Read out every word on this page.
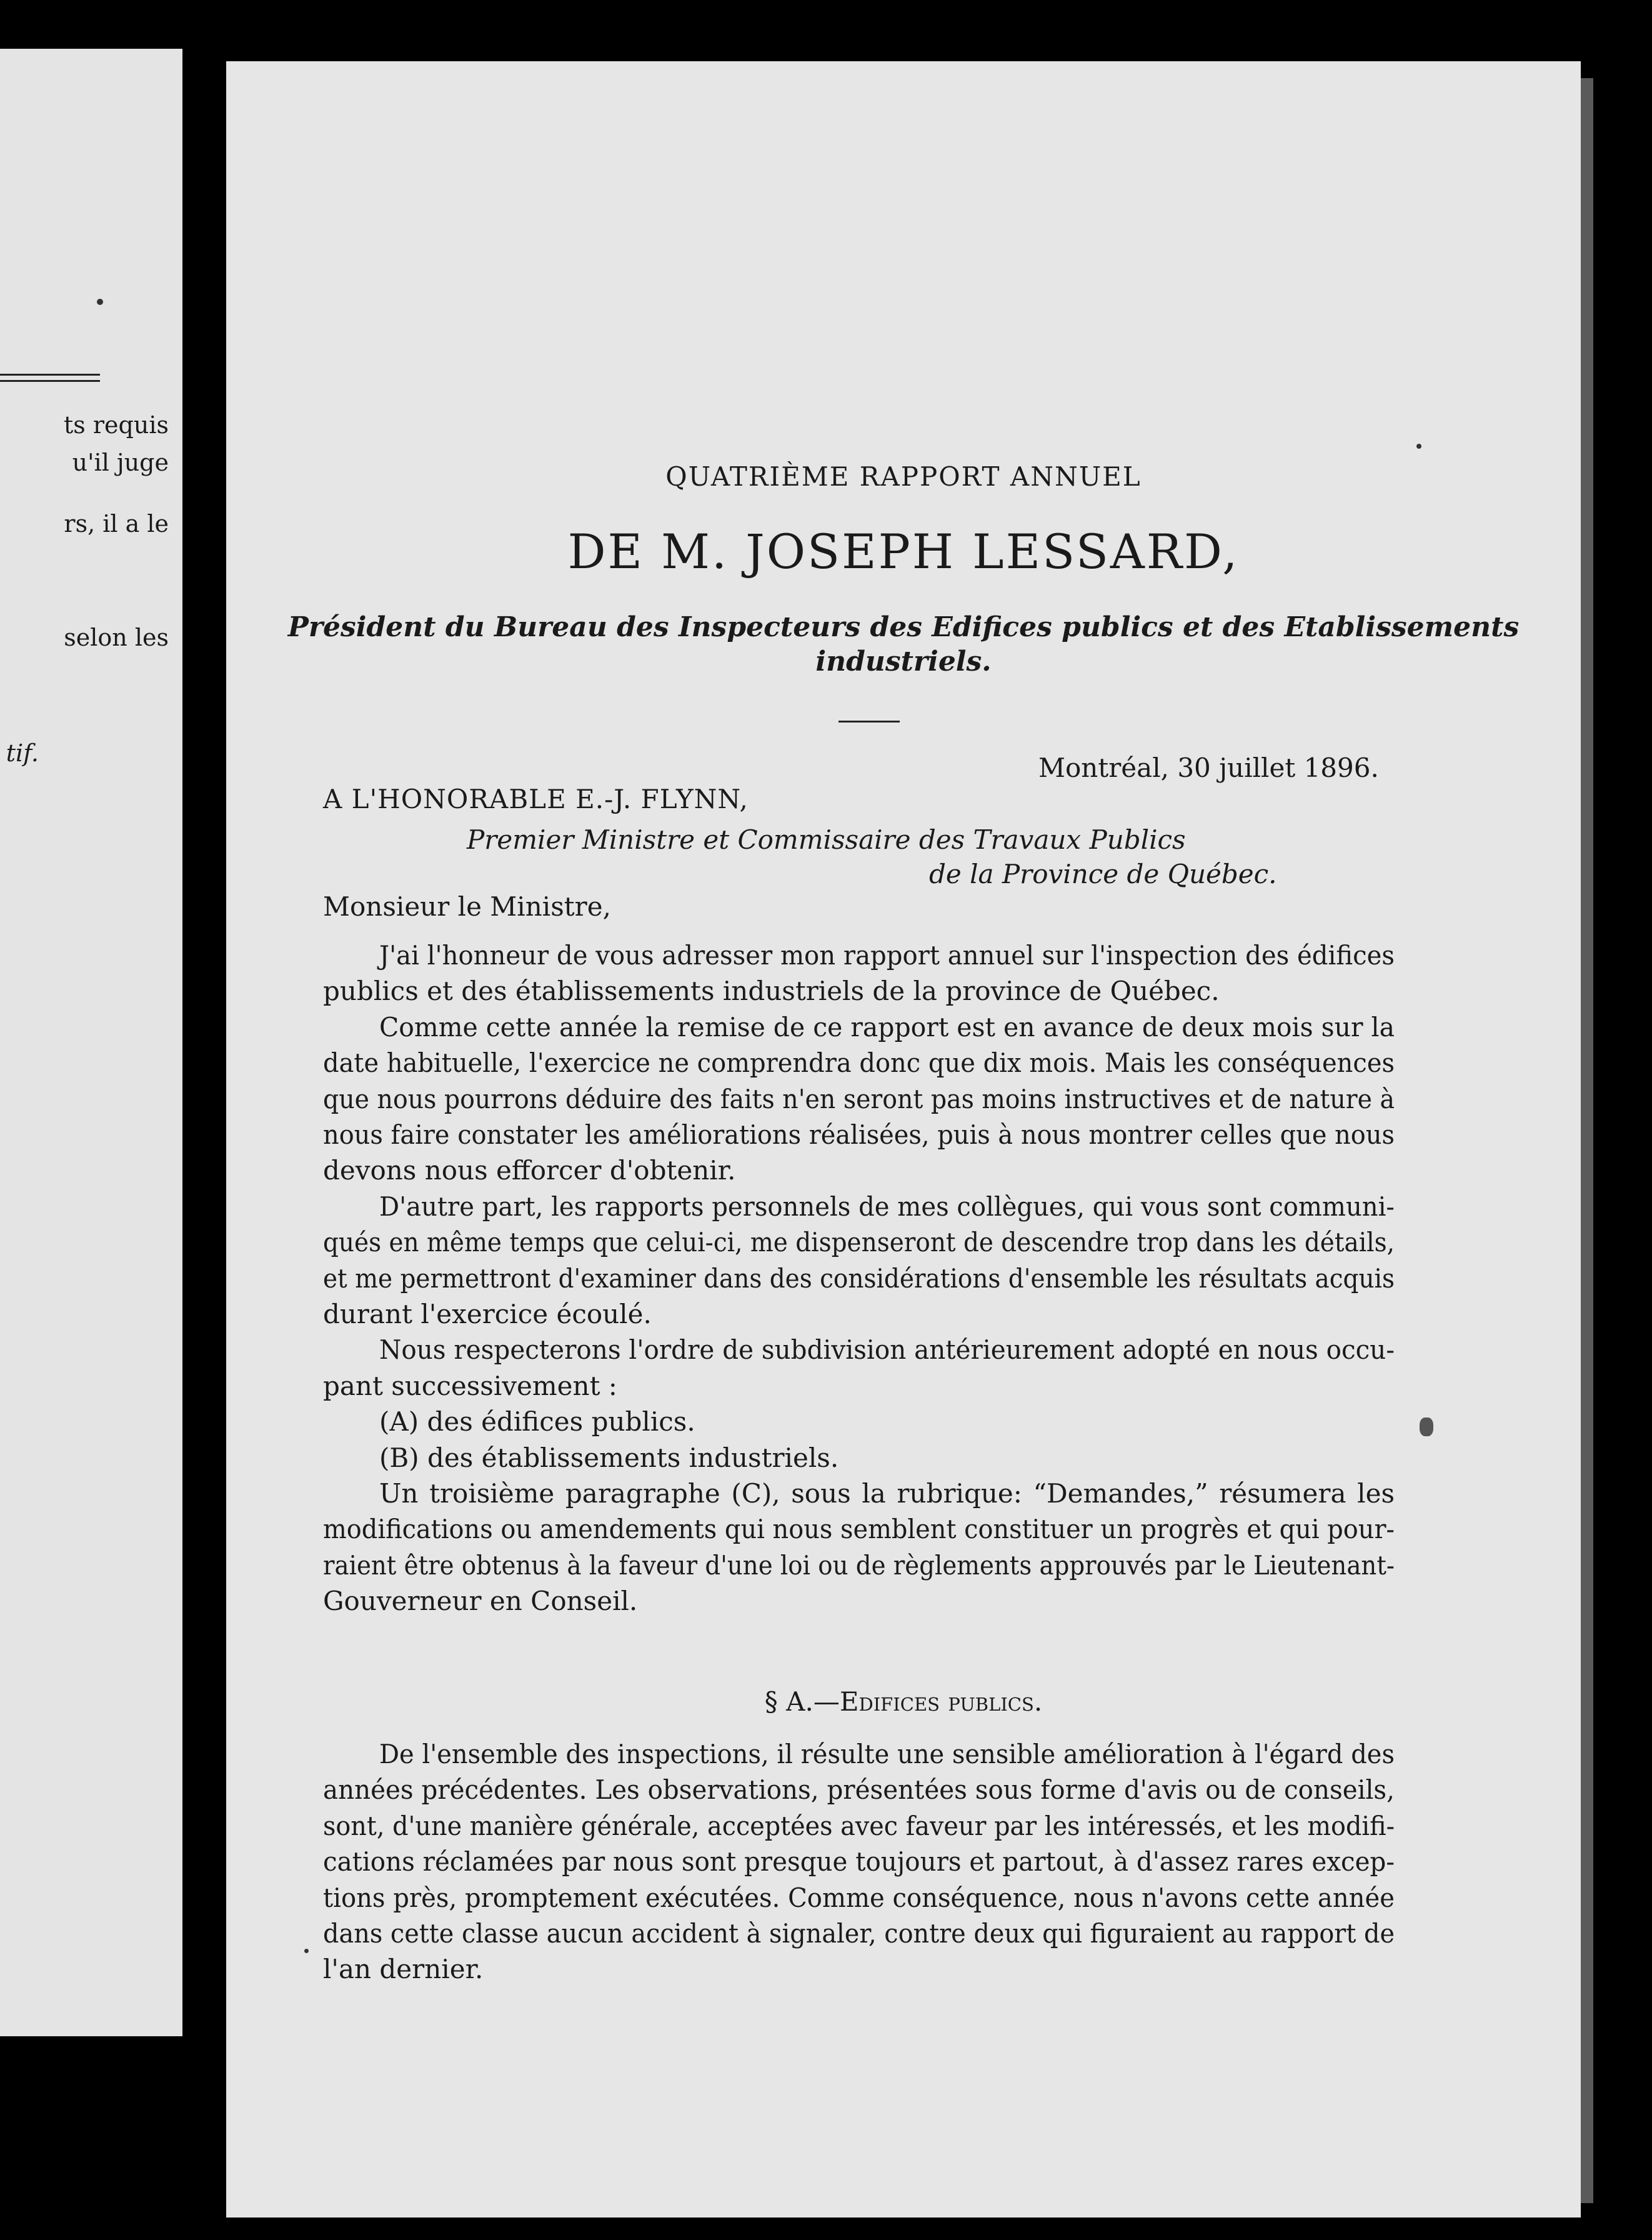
ts requis
u'il juge
rs, il a le
selon les
tif.
QUATRIÈME RAPPORT ANNUEL
DE M. JOSEPH LESSARD,
Président du Bureau des Inspecteurs des Edifices publics et des Etablissements
industriels.
Montréal, 30 juillet 1896.
A L'HONORABLE E.-J. FLYNN,
Premier Ministre et Commissaire des Travaux Publics
de la Province de Québec.
Monsieur le Ministre,
J'ai l'honneur de vous adresser mon rapport annuel sur l'inspection des édifices
publics et des établissements industriels de la province de Québec.
Comme cette année la remise de ce rapport est en avance de deux mois sur la
date habituelle, l'exercice ne comprendra donc que dix mois. Mais les conséquences
que nous pourrons déduire des faits n'en seront pas moins instructives et de nature à
nous faire constater les améliorations réalisées, puis à nous montrer celles que nous
devons nous efforcer d'obtenir.
D'autre part, les rapports personnels de mes collègues, qui vous sont communi-
qués en même temps que celui-ci, me dispenseront de descendre trop dans les détails,
et me permettront d'examiner dans des considérations d'ensemble les résultats acquis
durant l'exercice écoulé.
Nous respecterons l'ordre de subdivision antérieurement adopté en nous occu-
pant successivement :
(A) des édifices publics.
(B) des établissements industriels.
Un troisième paragraphe (C), sous la rubrique: “Demandes,” résumera les
modifications ou amendements qui nous semblent constituer un progrès et qui pour-
raient être obtenus à la faveur d'une loi ou de règlements approuvés par le Lieutenant-
Gouverneur en Conseil.
§ A.—Edifices publics.
De l'ensemble des inspections, il résulte une sensible amélioration à l'égard des
années précédentes. Les observations, présentées sous forme d'avis ou de conseils,
sont, d'une manière générale, acceptées avec faveur par les intéressés, et les modifi-
cations réclamées par nous sont presque toujours et partout, à d'assez rares excep-
tions près, promptement exécutées. Comme conséquence, nous n'avons cette année
dans cette classe aucun accident à signaler, contre deux qui figuraient au rapport de
l'an dernier.
